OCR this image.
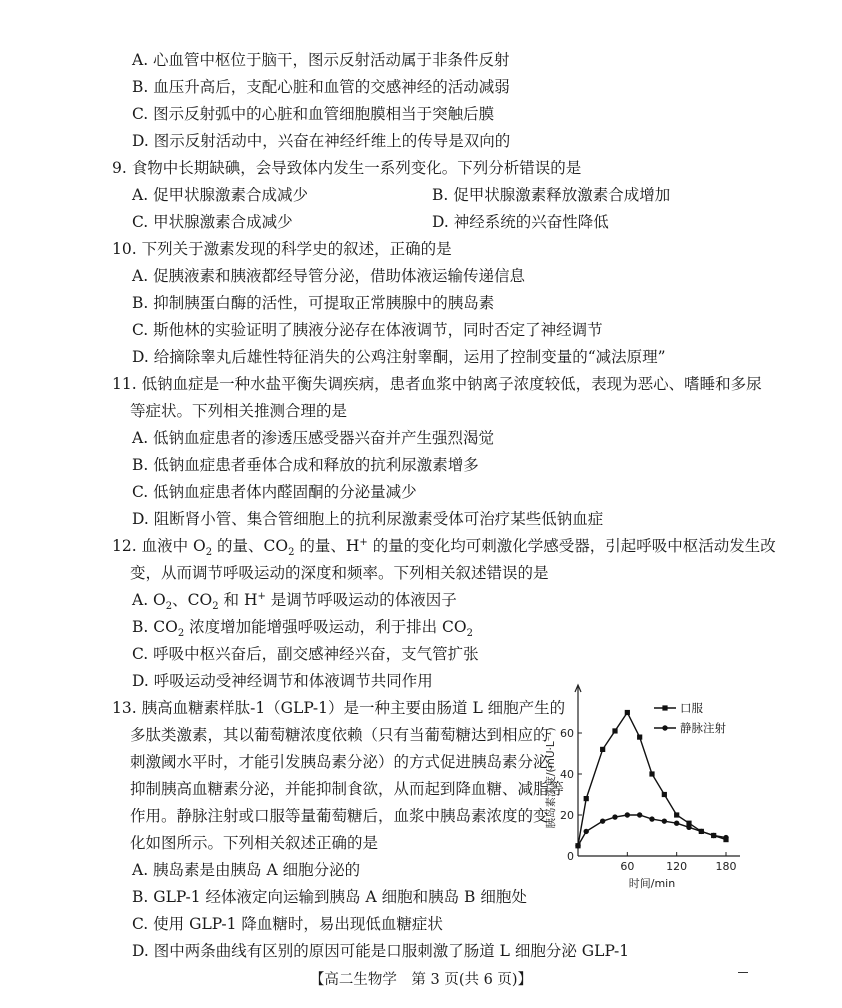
A. 心血管中枢位于脑干，图示反射活动属于非条件反射
B. 血压升高后，支配心脏和血管的交感神经的活动减弱
C. 图示反射弧中的心脏和血管细胞膜相当于突触后膜
D. 图示反射活动中，兴奋在神经纤维上的传导是双向的
9. 食物中长期缺碘，会导致体内发生一系列变化。下列分析错误的是
A. 促甲状腺激素合成减少	B. 促甲状腺激素释放激素合成增加
C. 甲状腺激素合成减少	D. 神经系统的兴奋性降低
10. 下列关于激素发现的科学史的叙述，正确的是
A. 促胰液素和胰液都经导管分泌，借助体液运输传递信息
B. 抑制胰蛋白酶的活性，可提取正常胰腺中的胰岛素
C. 斯他林的实验证明了胰液分泌存在体液调节，同时否定了神经调节
D. 给摘除睾丸后雄性特征消失的公鸡注射睾酮，运用了控制变量的“减法原理”
11. 低钠血症是一种水盐平衡失调疾病，患者血浆中钠离子浓度较低，表现为恶心、嗜睡和多尿
等症状。下列相关推测合理的是
A. 低钠血症患者的渗透压感受器兴奋并产生强烈渴觉
B. 低钠血症患者垂体合成和释放的抗利尿激素增多
C. 低钠血症患者体内醛固酮的分泌量减少
D. 阻断肾小管、集合管细胞上的抗利尿激素受体可治疗某些低钠血症
12. 血液中 $O_2$ 的量、$CO_2$ 的量、H+ 的量的变化均可刺激化学感受器，引起呼吸中枢活动发生改
变，从而调节呼吸运动的深度和频率。下列相关叙述错误的是
A. $O_2$、$CO_2$ 和 H+ 是调节呼吸运动的体液因子
B. $CO_2$ 浓度增加能增强呼吸运动，利于排出 $CO_2$
C. 呼吸中枢兴奋后，副交感神经兴奋，支气管扩张
D. 呼吸运动受神经调节和体液调节共同作用
13. 胰高血糖素样肽-1（GLP-1）是一种主要由肠道 L 细胞产生的
多肽类激素，其以葡萄糖浓度依赖（只有当葡萄糖达到相应的
刺激阈水平时，才能引发胰岛素分泌）的方式促进胰岛素分泌，
抑制胰高血糖素分泌，并能抑制食欲，从而起到降血糖、减脂等
作用。静脉注射或口服等量葡萄糖后，血浆中胰岛素浓度的变
化如图所示。下列相关叙述正确的是
A. 胰岛素是由胰岛 A 细胞分泌的
B. GLP-1 经体液定向运输到胰岛 A 细胞和胰岛 B 细胞处
C. 使用 GLP-1 降血糖时，易出现低血糖症状
D. 图中两条曲线有区别的原因可能是口服刺激了肠道 L 细胞分泌 GLP-1
0
20
40
60
60	120	180
时间/min
胰岛素浓度/(mU·L⁻¹)
口服
静脉注射
【高二生物学　第 3 页(共 6 页)】
